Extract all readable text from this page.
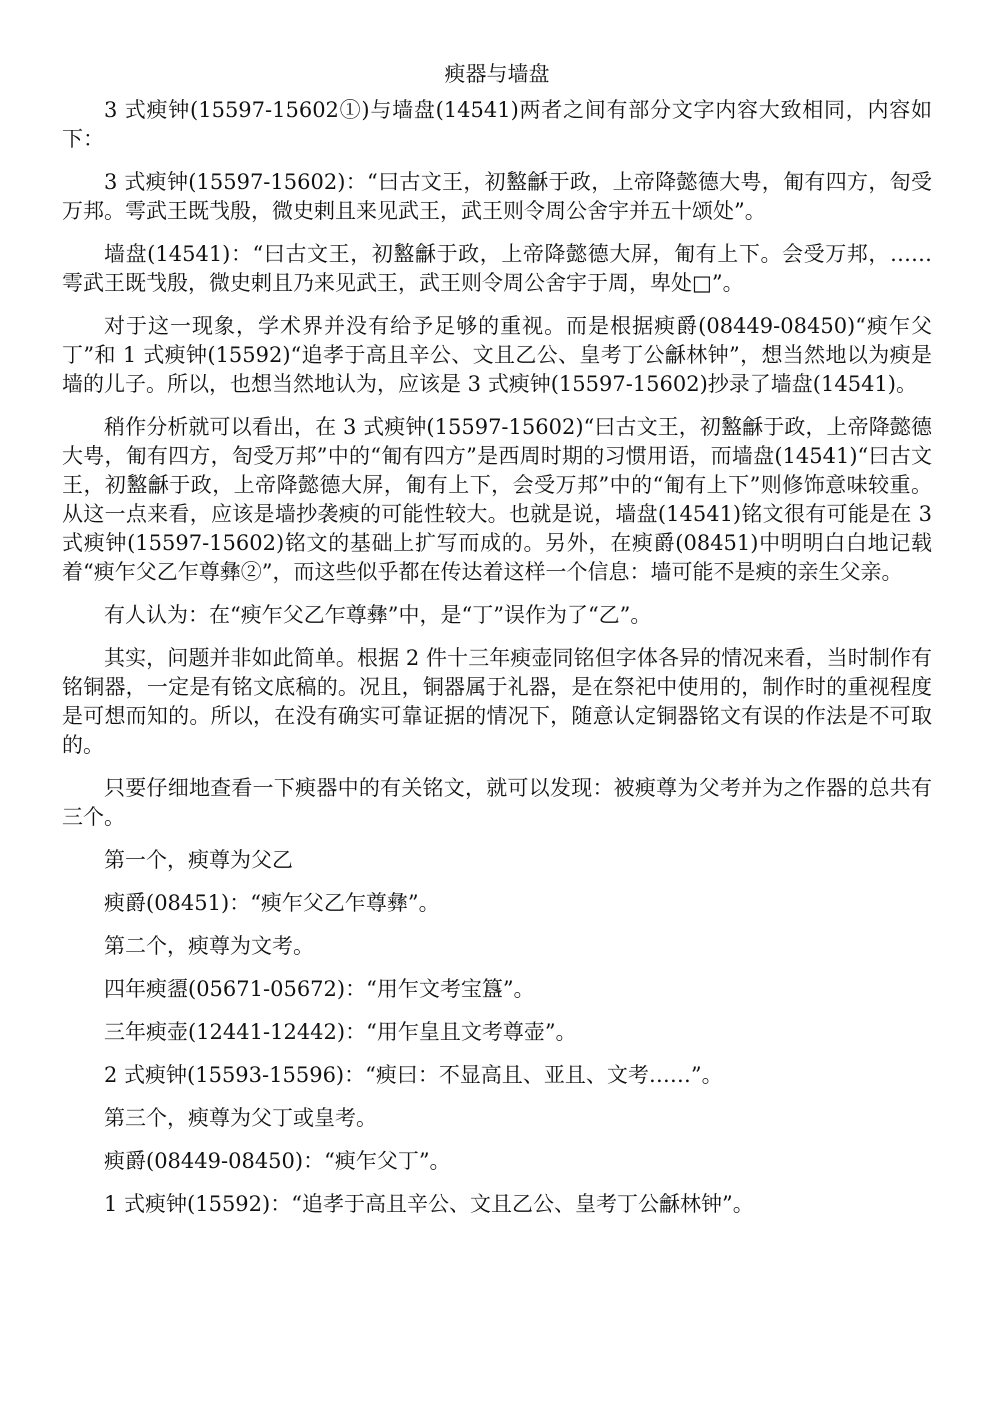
瘐器与墙盘

3 式瘐钟(15597-15602①)与墙盘(14541)两者之间有部分文字内容大致相同，内容如下：

3 式瘐钟(15597-15602)：“曰古文王，初盭龢于政，上帝降懿德大甹，匍有四方，匌受万邦。雩武王既𢦏殷，微史剌且来见武王，武王则令周公舍宇并五十颂处”。

墙盘(14541)：“曰古文王，初盭龢于政，上帝降懿德大屏，匍有上下。会受万邦，……雩武王既𢦏殷，微史剌且乃来见武王，武王则令周公舍宇于周，卑处□”。

对于这一现象，学术界并没有给予足够的重视。而是根据瘐爵(08449-08450)“瘐乍父丁”和 1 式瘐钟(15592)“追孝于高且辛公、文且乙公、皇考丁公龢林钟”，想当然地以为瘐是墙的儿子。所以，也想当然地认为，应该是 3 式瘐钟(15597-15602)抄录了墙盘(14541)。

稍作分析就可以看出，在 3 式瘐钟(15597-15602)“曰古文王，初盭龢于政，上帝降懿德大甹，匍有四方，匌受万邦”中的“匍有四方”是西周时期的习惯用语，而墙盘(14541)“曰古文王，初盭龢于政，上帝降懿德大屏，匍有上下，会受万邦”中的“匍有上下”则修饰意味较重。从这一点来看，应该是墙抄袭瘐的可能性较大。也就是说，墙盘(14541)铭文很有可能是在 3 式瘐钟(15597-15602)铭文的基础上扩写而成的。另外，在瘐爵(08451)中明明白白地记载着“瘐乍父乙乍尊彝②”，而这些似乎都在传达着这样一个信息：墙可能不是瘐的亲生父亲。

有人认为：在“瘐乍父乙乍尊彝”中，是“丁”误作为了“乙”。

其实，问题并非如此简单。根据 2 件十三年瘐壶同铭但字体各异的情况来看，当时制作有铭铜器，一定是有铭文底稿的。况且，铜器属于礼器，是在祭祀中使用的，制作时的重视程度是可想而知的。所以，在没有确实可靠证据的情况下，随意认定铜器铭文有误的作法是不可取的。

只要仔细地查看一下瘐器中的有关铭文，就可以发现：被瘐尊为父考并为之作器的总共有三个。

第一个，瘐尊为父乙

瘐爵(08451)：“瘐乍父乙乍尊彝”。

第二个，瘐尊为文考。

四年瘐盨(05671-05672)：“用乍文考宝簋”。

三年瘐壶(12441-12442)：“用乍皇且文考尊壶”。

2 式瘐钟(15593-15596)：“瘐曰：不显高且、亚且、文考……”。

第三个，瘐尊为父丁或皇考。

瘐爵(08449-08450)：“瘐乍父丁”。

1 式瘐钟(15592)：“追孝于高且辛公、文且乙公、皇考丁公龢林钟”。
